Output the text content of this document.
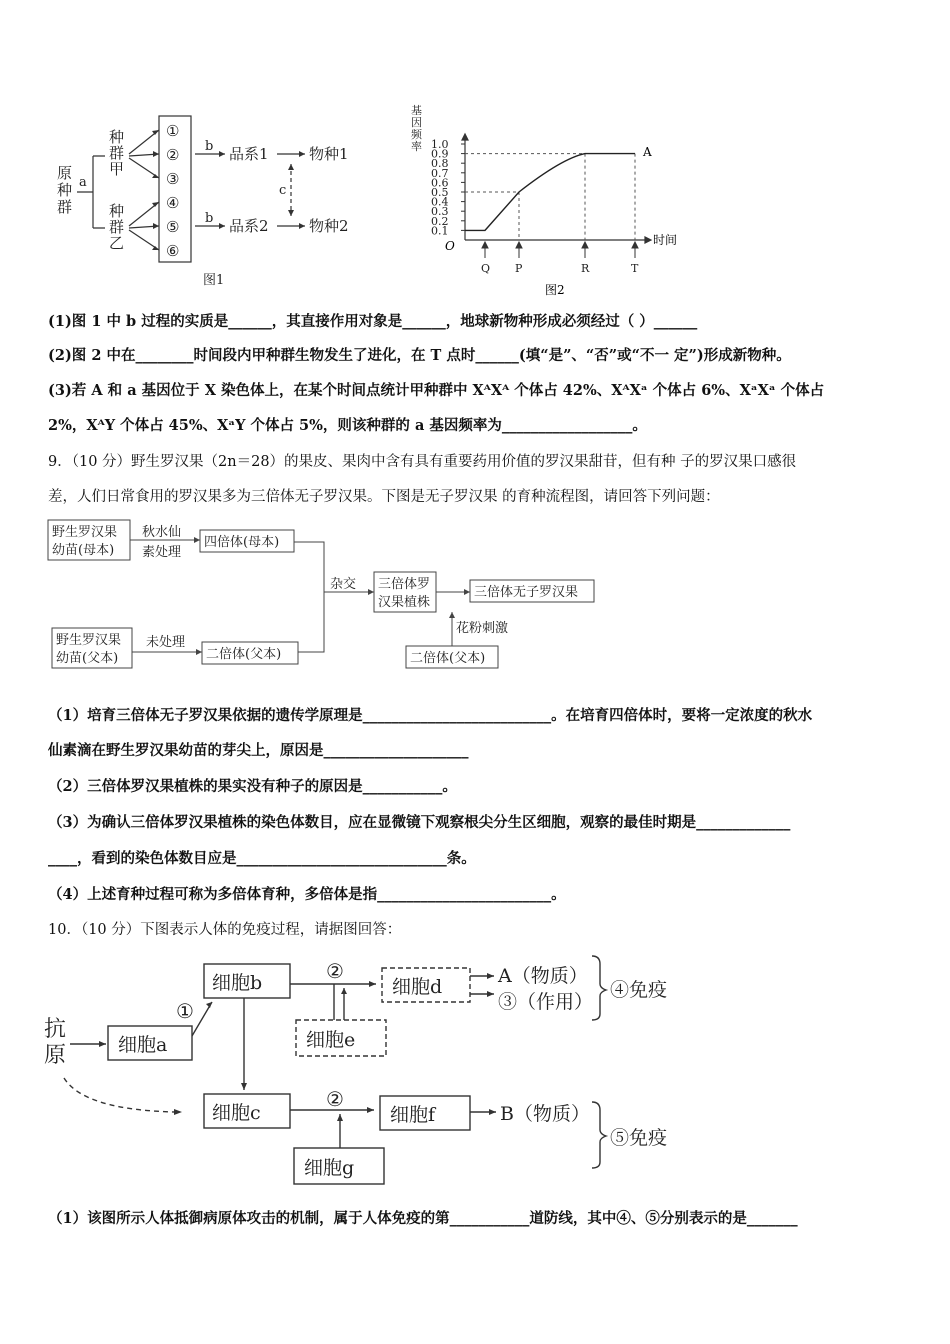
原
种
群
a
种
群
甲
种
群
乙
①
②
③
④
⑤
⑥
b
b
品系1
品系2
物种1
物种2
c
图1
基
因
频
率 1.0
0.9
0.8
0.7
0.6
0.5
0.4
0.3
0.2
0.1
Q P	R	T
O	时间
A
图2
(1)图 1 中 b 过程的实质是______，其直接作用对象是______，地球新物种形成必须经过（ ）______
(2)图 2 中在________时间段内甲种群生物发生了进化，在 T 点时______(填“是”、“否”或“不一 定”)形成新物种。
(3)若 A 和 a 基因位于 X 染色体上，在某个时间点统计甲种群中 XᴬXᴬ 个体占 42%、XᴬXᵃ 个体占 6%、XᵃXᵃ 个体占
2%，XᴬY 个体占 45%、XᵃY 个体占 5%，则该种群的 a 基因频率为__________________。
9．（10 分）野生罗汉果（2n＝28）的果皮、果肉中含有具有重要药用价值的罗汉果甜苷，但有种 子的罗汉果口感很
差，人们日常食用的罗汉果多为三倍体无子罗汉果。下图是无子罗汉果 的育种流程图，请回答下列问题：
野生罗汉果
幼苗(母本)
秋水仙
素处理
四倍体(母本)
杂交 三倍体罗
汉果植株
三倍体无子罗汉果
花粉刺激
野生罗汉果
幼苗(父本)
未处理
二倍体(父本)	二倍体(父本)
（1）培育三倍体无子罗汉果依据的遗传学原理是__________________________。在培育四倍体时，要将一定浓度的秋水
仙素滴在野生罗汉果幼苗的芽尖上，原因是____________________
（2）三倍体罗汉果植株的果实没有种子的原因是___________。
（3）为确认三倍体罗汉果植株的染色体数目，应在显微镜下观察根尖分生区细胞，观察的最佳时期是_____________
____，看到的染色体数目应是_____________________________条。
（4）上述育种过程可称为多倍体育种，多倍体是指________________________。
10．（10 分）下图表示人体的免疫过程，请据图回答：
抗
原	细胞a
细胞b
细胞e
细胞d
细胞c	细胞f
细胞g
①
②
②
A（物质）
③（作用）
④免疫
B（物质）
⑤免疫
（1）该图所示人体抵御病原体攻击的机制，属于人体免疫的第___________道防线，其中④、⑤分别表示的是_______
